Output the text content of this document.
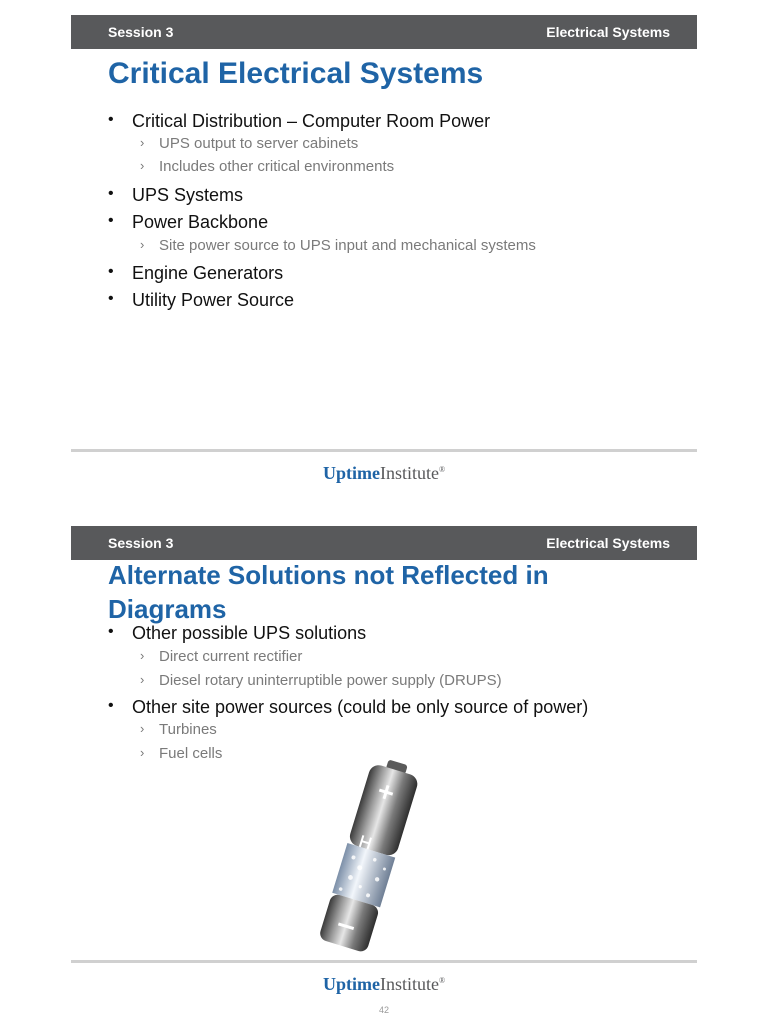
Session 3	Electrical Systems
Critical Electrical Systems
• Critical Distribution – Computer Room Power
› UPS output to server cabinets
› Includes other critical environments
• UPS Systems
• Power Backbone
› Site power source to UPS input and mechanical systems
• Engine Generators
• Utility Power Source
UptimeInstitute®
Session 3	Electrical Systems
Alternate Solutions not Reflected in
Diagrams
• Other possible UPS solutions
› Direct current rectifier
› Diesel rotary uninterruptible power supply (DRUPS)
• Other site power sources (could be only source of power)
› Turbines
› Fuel cells
UptimeInstitute®
42
